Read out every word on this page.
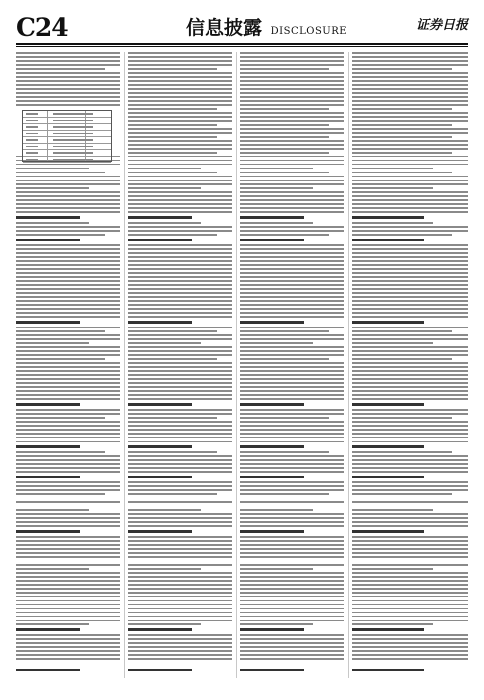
C24	信息披露 DISCLOSURE	证券日报
